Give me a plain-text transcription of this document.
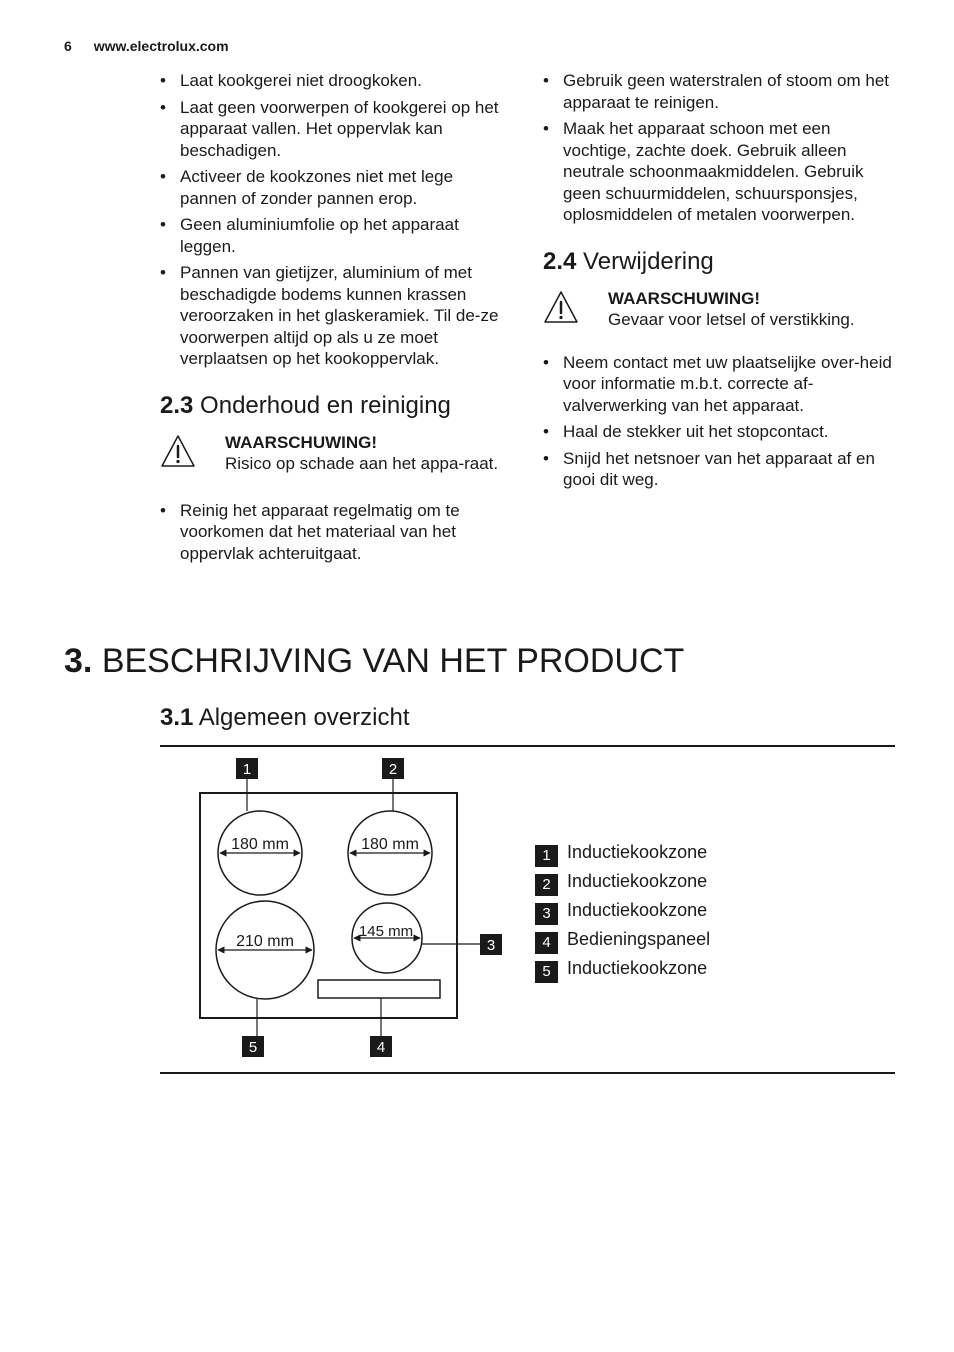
6 www.electrolux.com
• Laat kookgerei niet droogkoken.
• Laat geen voorwerpen of kookgerei op het apparaat vallen. Het oppervlak kan beschadigen.
• Activeer de kookzones niet met lege pannen of zonder pannen erop.
• Geen aluminiumfolie op het apparaat leggen.
• Pannen van gietijzer, aluminium of met beschadigde bodems kunnen krassen veroorzaken in het glaskeramiek. Til de-ze voorwerpen altijd op als u ze moet verplaatsen op het kookoppervlak.
2.3 Onderhoud en reiniging
WAARSCHUWING!
Risico op schade aan het appa-raat.
• Reinig het apparaat regelmatig om te voorkomen dat het materiaal van het oppervlak achteruitgaat.
• Gebruik geen waterstralen of stoom om het apparaat te reinigen.
• Maak het apparaat schoon met een vochtige, zachte doek. Gebruik alleen neutrale schoonmaakmiddelen. Gebruik geen schuurmiddelen, schuursponsjes, oplosmiddelen of metalen voorwerpen.
2.4 Verwijdering
WAARSCHUWING!
Gevaar voor letsel of verstikking.
• Neem contact met uw plaatselijke over-heid voor informatie m.b.t. correcte af-valverwerking van het apparaat.
• Haal de stekker uit het stopcontact.
• Snijd het netsnoer van het apparaat af en gooi dit weg.
3. BESCHRIJVING VAN HET PRODUCT
3.1 Algemeen overzicht
180 mm	180 mm
210 mm
145 mm
1	2
3
4
5
1 Inductiekookzone
2 Inductiekookzone
3 Inductiekookzone
4 Bedieningspaneel
5 Inductiekookzone
